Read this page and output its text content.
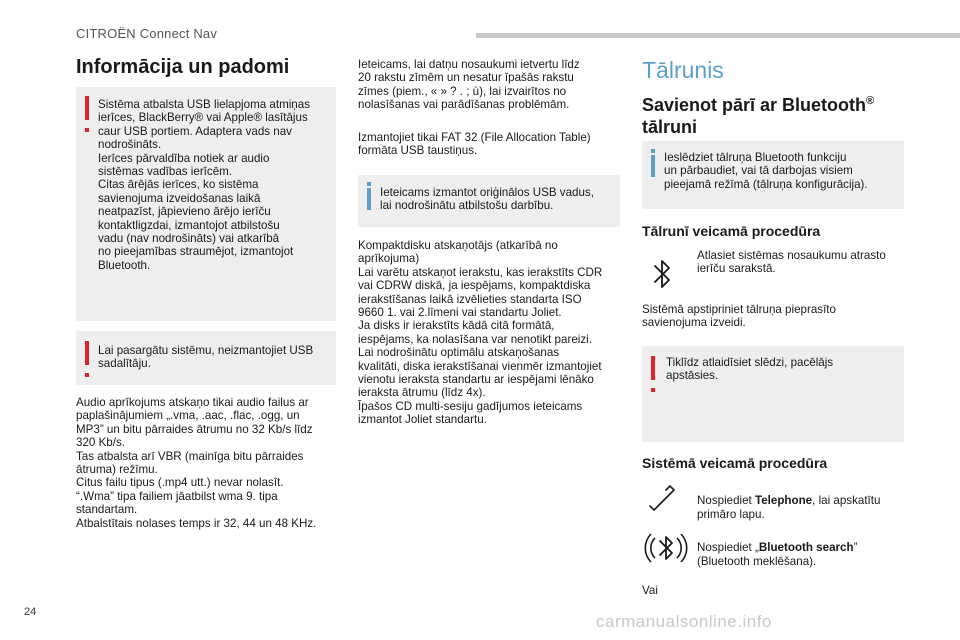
CITROËN Connect Nav
Informācija un padomi
Sistēma atbalsta USB lielapjoma atmiņas
ierīces, BlackBerry® vai Apple® lasītājus
caur USB portiem. Adaptera vads nav
nodrošināts.
Ierīces pārvaldība notiek ar audio
sistēmas vadības ierīcēm.
Citas ārējās ierīces, ko sistēma
savienojuma izveidošanas laikā
neatpazīst, jāpievieno ārējo ierīču
kontaktligzdai, izmantojot atbilstošu
vadu (nav nodrošināts) vai atkarībā
no pieejamības straumējot, izmantojot
Bluetooth.
Lai pasargātu sistēmu, neizmantojiet USB
sadalītāju.
Audio aprīkojums atskaņo tikai audio failus ar
paplašinājumiem „.vma, .aac, .flac, .ogg, un
MP3” un bitu pārraides ātrumu no 32 Kb/s līdz
320 Kb/s.
Tas atbalsta arī VBR (mainīga bitu pārraides
ātruma) režīmu.
Citus failu tipus (.mp4 utt.) nevar nolasīt.
“.Wma” tipa failiem jāatbilst wma 9. tipa
standartam.
Atbalstītais nolases temps ir 32, 44 un 48 KHz.
Ieteicams, lai datņu nosaukumi ietvertu līdz
20 rakstu zīmēm un nesatur īpašās rakstu
zīmes (piem., « » ? . ; ù), lai izvairītos no
nolasīšanas vai parādīšanas problēmām.
Izmantojiet tikai FAT 32 (File Allocation Table)
formāta USB taustiņus.
Ieteicams izmantot oriģinālos USB vadus,
lai nodrošinātu atbilstošu darbību.
Kompaktdisku atskaņotājs (atkarībā no
aprīkojuma)
Lai varētu atskaņot ierakstu, kas ierakstīts CDR
vai CDRW diskā, ja iespējams, kompaktdiska
ierakstīšanas laikā izvēlieties standarta ISO
9660 1. vai 2.līmeni vai standartu Joliet.
Ja disks ir ierakstīts kādā citā formātā,
iespējams, ka nolasīšana var nenotikt pareizi.
Lai nodrošinātu optimālu atskaņošanas
kvalitāti, diska ierakstīšanai vienmēr izmantojiet
vienotu ieraksta standartu ar iespējami lēnāko
ieraksta ātrumu (līdz 4x).
Īpašos CD multi-sesiju gadījumos ieteicams
izmantot Joliet standartu.
Tālrunis
Savienot pārī ar Bluetooth®
tālruni
Ieslēdziet tālruņa Bluetooth funkciju
un pārbaudiet, vai tā darbojas visiem
pieejamā režīmā (tālruņa konfigurācija).
Tālrunī veicamā procedūra
Atlasiet sistēmas nosaukumu atrasto
ierīču sarakstā.
Sistēmā apstipriniet tālruņa pieprasīto
savienojuma izveidi.
Tiklīdz atlaidīsiet slēdzi, pacēlājs
apstāsies.
Sistēmā veicamā procedūra

Nospiediet Telephone, lai apskatītu
primāro lapu.

Nospiediet „Bluetooth search”
(Bluetooth meklēšana).

Vai
24	carmanualsonline.info
